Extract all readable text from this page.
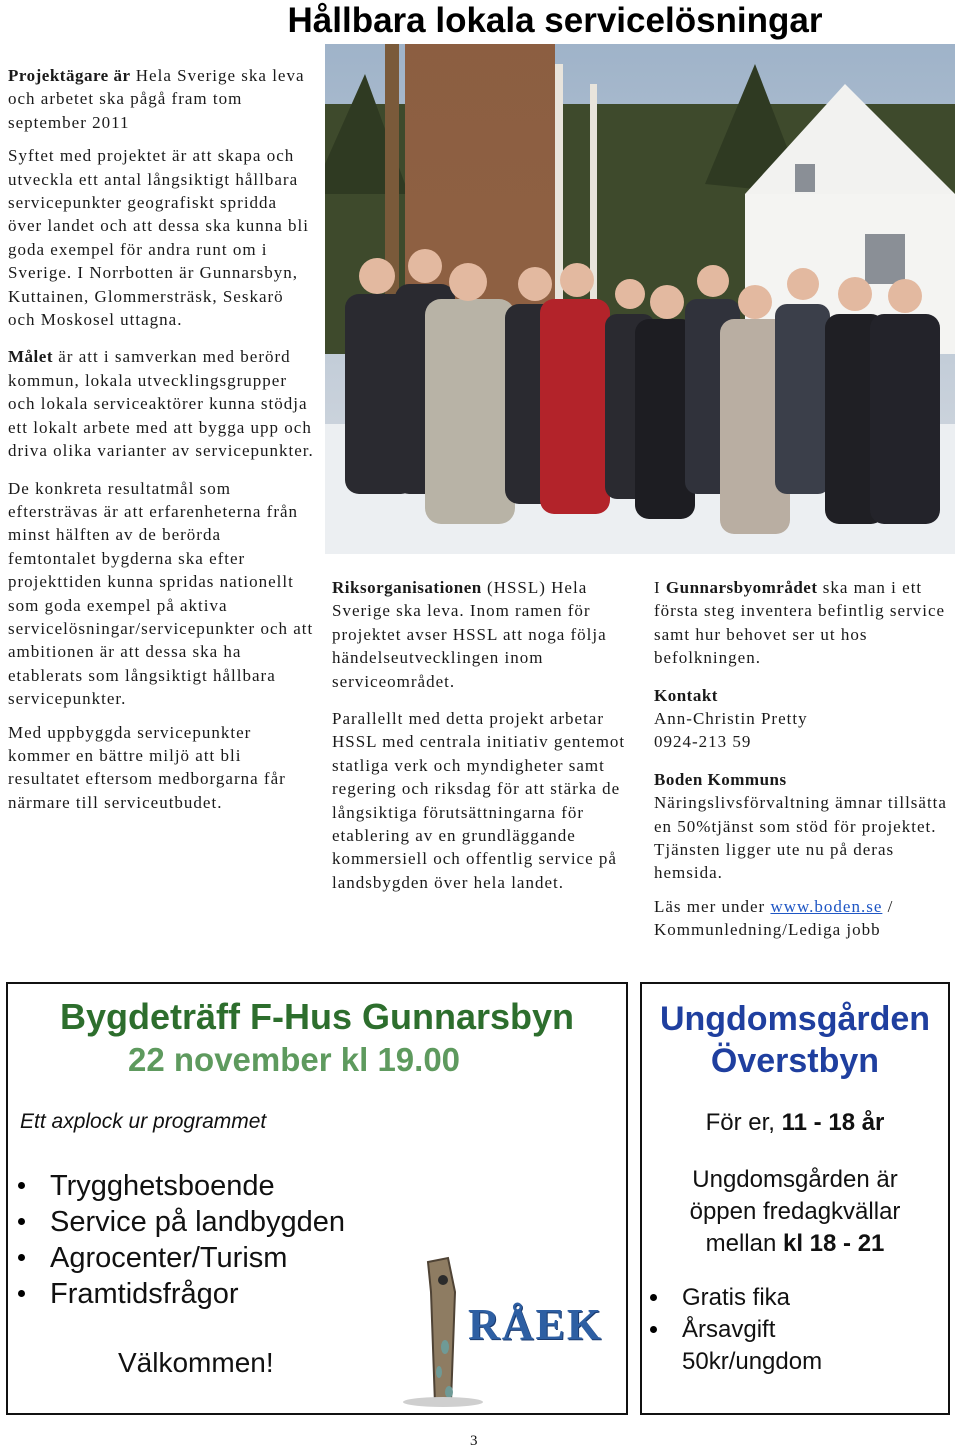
Hållbara lokala servicelösningar

Projektägare är Hela Sverige ska leva och arbetet ska pågå fram tom september 2011

Syftet med projektet är att skapa och utveckla ett antal långsiktigt hållbara servicepunkter geografiskt spridda över landet och att dessa ska kunna bli goda exempel för andra runt om i Sverige. I Norrbotten är Gunnarsbyn, Kuttainen, Glommersträsk, Seskarö och Moskosel uttagna.

Målet är att i samverkan med berörd kommun, lokala utvecklingsgrupper och lokala serviceaktörer kunna stödja ett lokalt arbete med att bygga upp och driva olika varianter av servicepunkter.

De konkreta resultatmål som eftersträvas är att erfarenheterna från minst hälften av de berörda femtontalet bygderna ska efter projekttiden kunna spridas nationellt som goda exempel på aktiva servicelösningar/servicepunkter och att ambitionen är att dessa ska ha etablerats som långsiktigt hållbara servicepunkter.

Med uppbyggda servicepunkter kommer en bättre miljö att bli resultatet eftersom medborgarna får närmare till serviceutbudet.

Riksorganisationen (HSSL) Hela Sverige ska leva. Inom ramen för projektet avser HSSL att noga följa händelseutvecklingen inom serviceområdet.

Parallellt med detta projekt arbetar HSSL med centrala initiativ gentemot statliga verk och myndigheter samt regering och riksdag för att stärka de långsiktiga förutsättningarna för etablering av en grundläggande kommersiell och offentlig service på landsbygden över hela landet.

I Gunnarsbyområdet ska man i ett första steg inventera befintlig service samt hur behovet ser ut hos befolkningen.

Kontakt
Ann-Christin Pretty
0924-213 59

Boden Kommuns Näringslivsförvaltning ämnar tillsätta en 50%tjänst som stöd för projektet. Tjänsten ligger ute nu på deras hemsida.

Läs mer under www.boden.se / Kommunledning/Lediga jobb

Bygdeträff F-Hus Gunnarsbyn
22 november kl 19.00
Ett axplock ur programmet
Trygghetsboende
Service på landbygden
Agrocenter/Turism
Framtidsfrågor
Välkommen!
RÅEK
Ungdomsgården
Överstbyn
För er, 11 - 18 år
Ungdomsgården är
öppen fredagkvällar
mellan kl 18 - 21
Gratis fika
Årsavgift
50kr/ungdom
3
